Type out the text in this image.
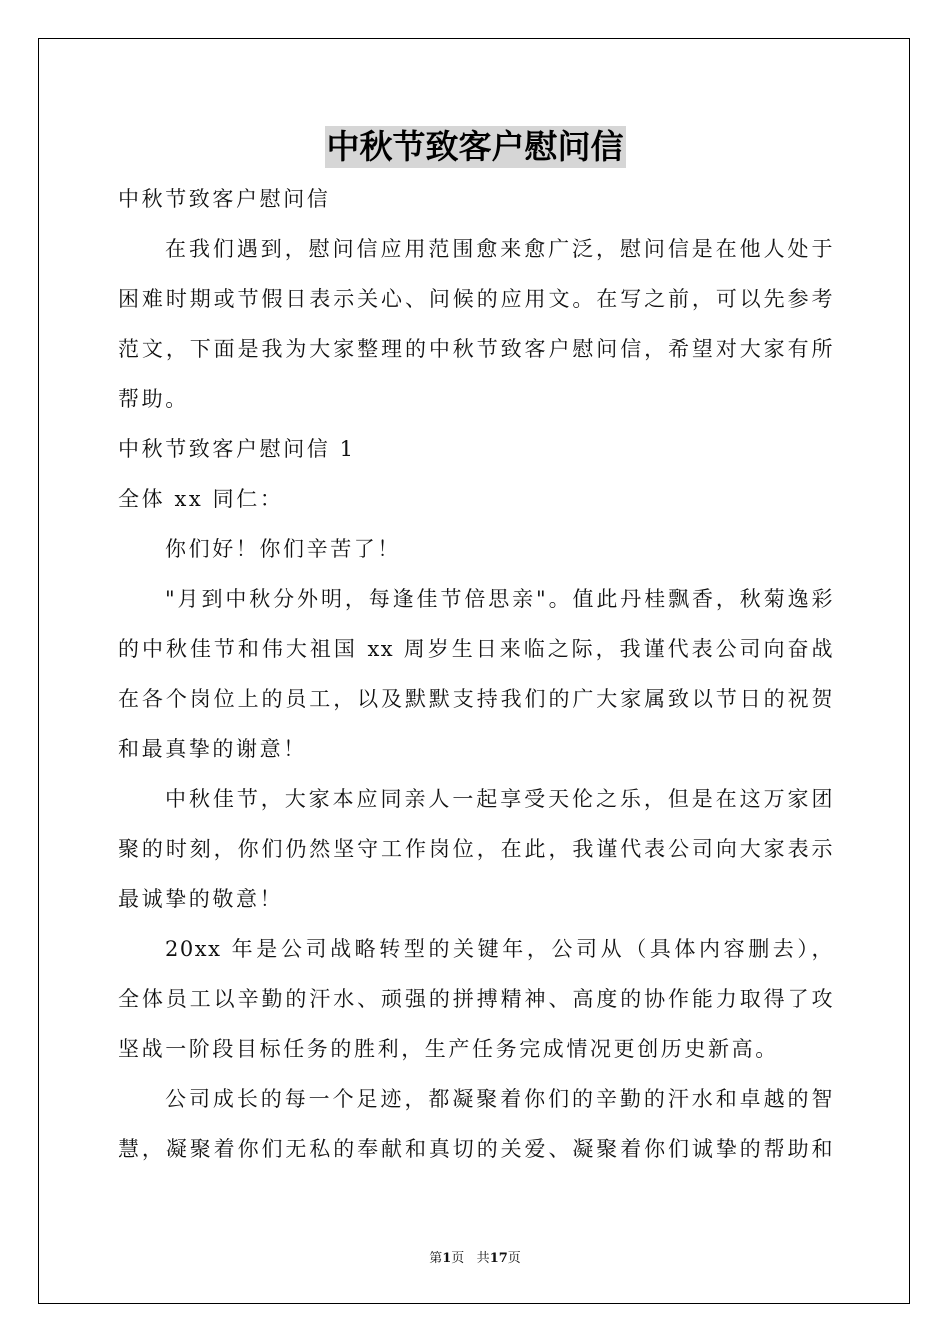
中秋节致客户慰问信
中秋节致客户慰问信
在我们遇到，慰问信应用范围愈来愈广泛，慰问信是在他人处于
困难时期或节假日表示关心、问候的应用文。在写之前，可以先参考
范文，下面是我为大家整理的中秋节致客户慰问信，希望对大家有所
帮助。
中秋节致客户慰问信 1
全体 xx 同仁：
你们好！你们辛苦了！
"月到中秋分外明，每逢佳节倍思亲"。值此丹桂飘香，秋菊逸彩
的中秋佳节和伟大祖国 xx 周岁生日来临之际，我谨代表公司向奋战
在各个岗位上的员工，以及默默支持我们的广大家属致以节日的祝贺
和最真挚的谢意！
中秋佳节，大家本应同亲人一起享受天伦之乐，但是在这万家团
聚的时刻，你们仍然坚守工作岗位，在此，我谨代表公司向大家表示
最诚挚的敬意！
20xx 年是公司战略转型的关键年，公司从（具体内容删去），
全体员工以辛勤的汗水、顽强的拼搏精神、高度的协作能力取得了攻
坚战一阶段目标任务的胜利，生产任务完成情况更创历史新高。
公司成长的每一个足迹，都凝聚着你们的辛勤的汗水和卓越的智
慧，凝聚着你们无私的奉献和真切的关爱、凝聚着你们诚挚的帮助和
第1页 共17页
